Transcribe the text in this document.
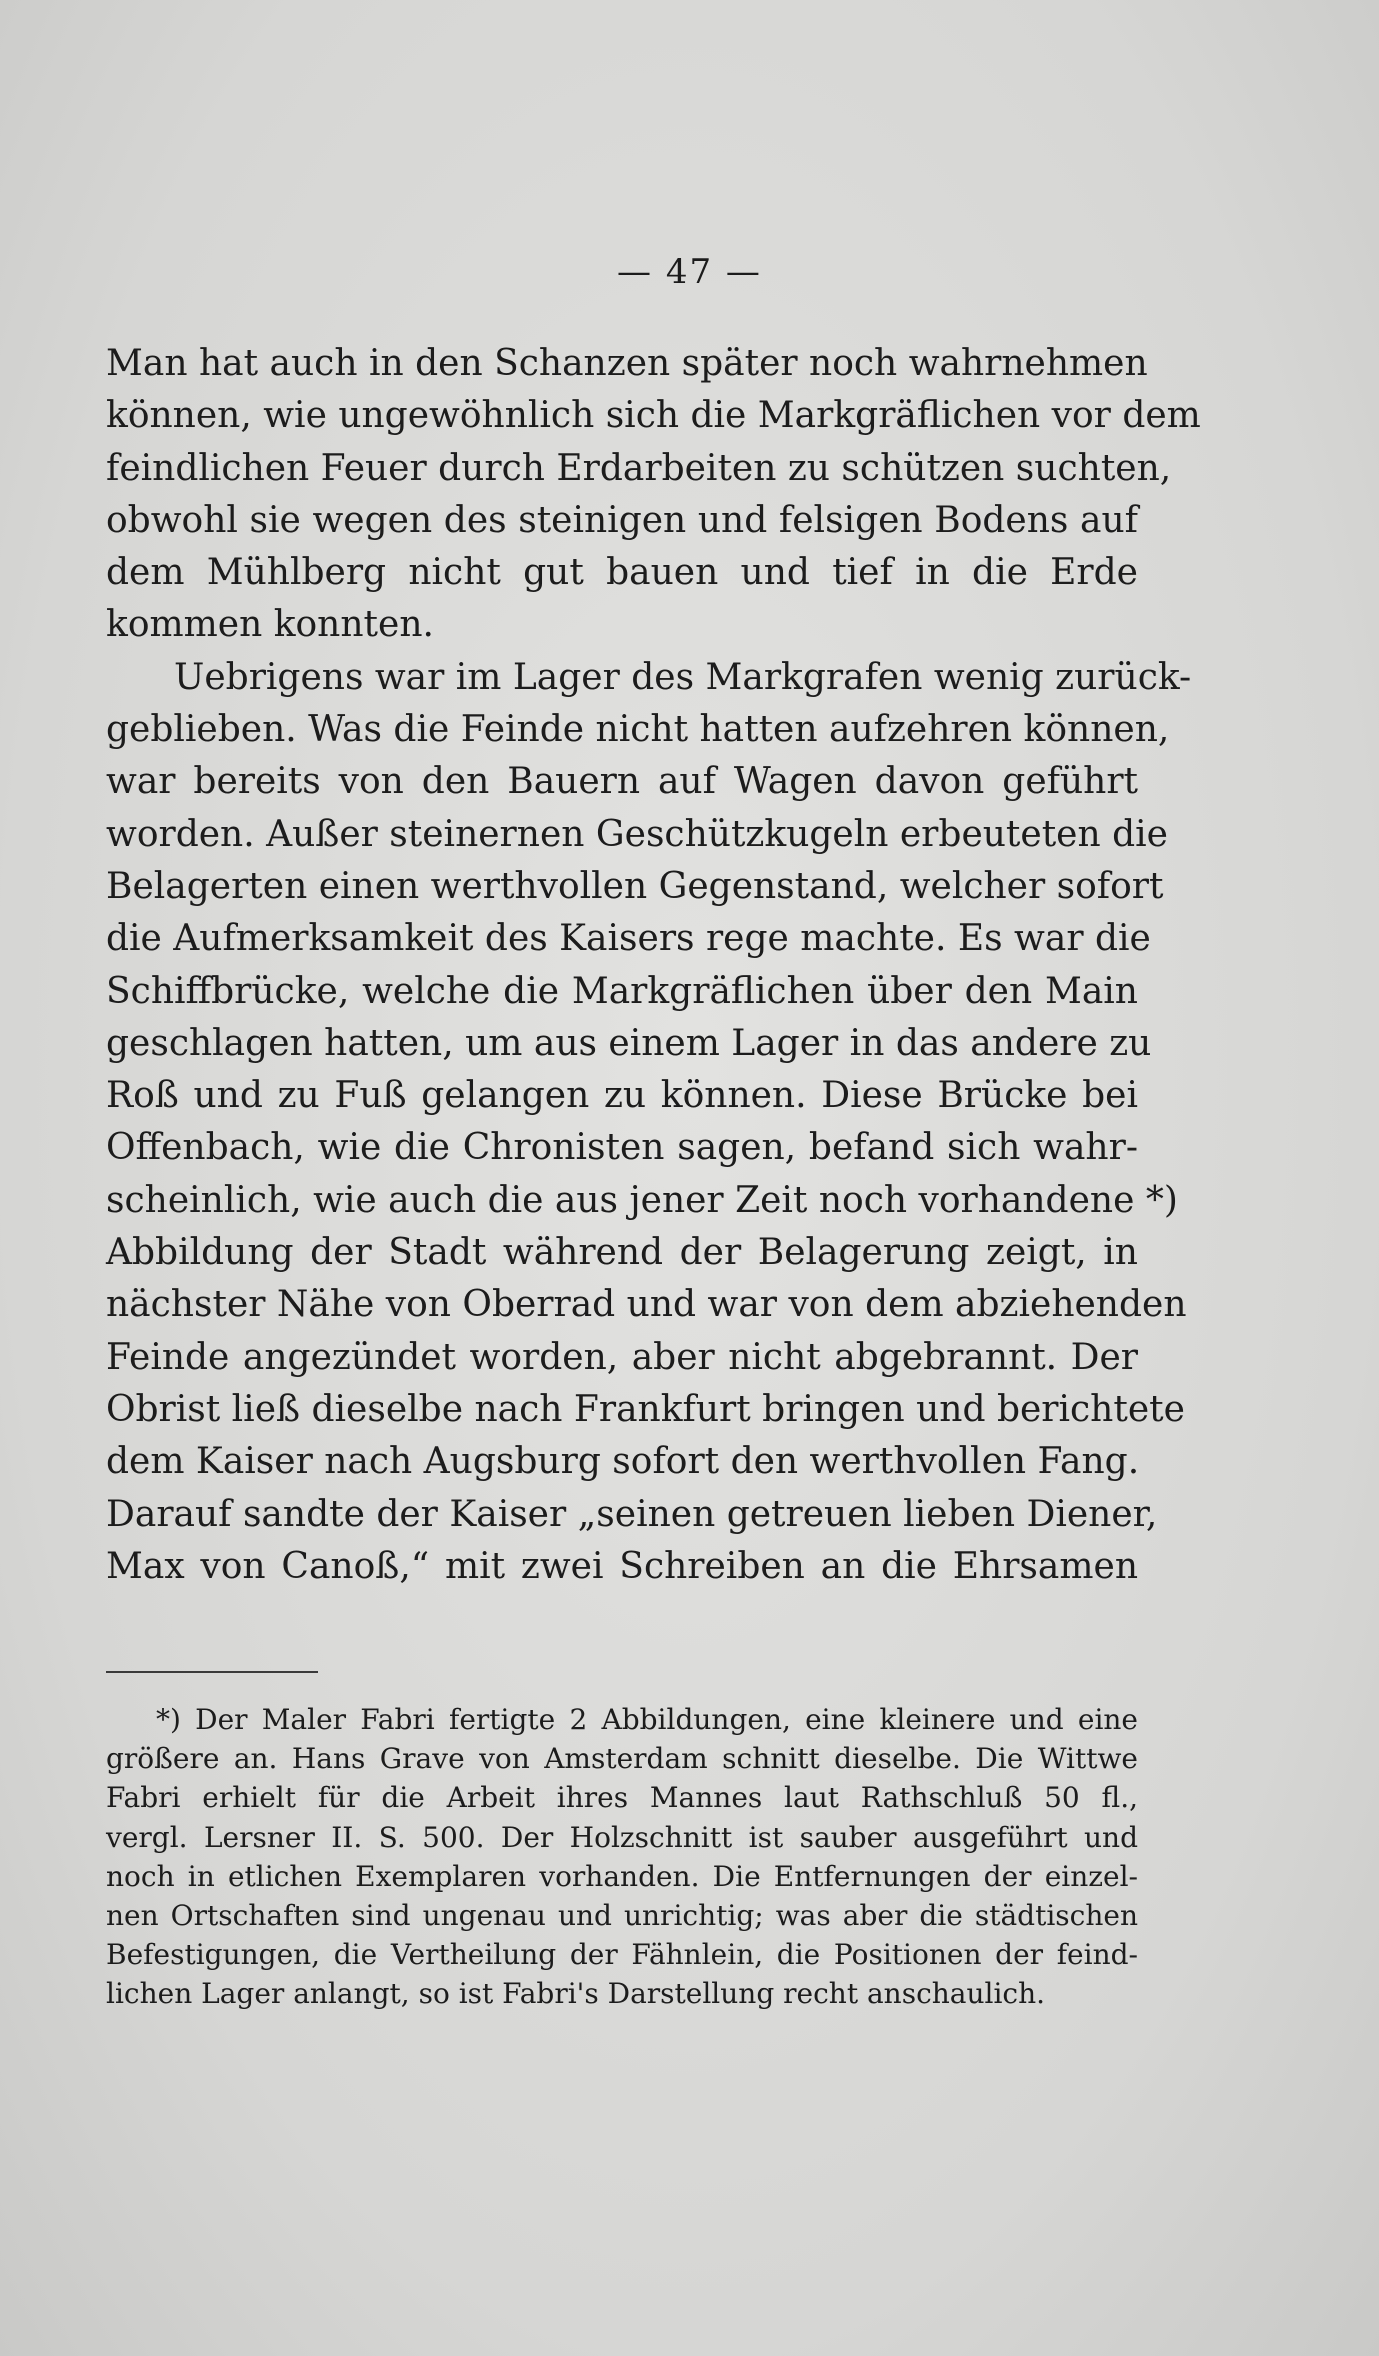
— 47 —
Man hat auch in den Schanzen später noch wahrnehmen
können, wie ungewöhnlich sich die Markgräflichen vor dem
feindlichen Feuer durch Erdarbeiten zu schützen suchten,
obwohl sie wegen des steinigen und felsigen Bodens auf
dem Mühlberg nicht gut bauen und tief in die Erde
kommen konnten.
Uebrigens war im Lager des Markgrafen wenig zurück-
geblieben. Was die Feinde nicht hatten aufzehren können,
war bereits von den Bauern auf Wagen davon geführt
worden. Außer steinernen Geschützkugeln erbeuteten die
Belagerten einen werthvollen Gegenstand, welcher sofort
die Aufmerksamkeit des Kaisers rege machte. Es war die
Schiffbrücke, welche die Markgräflichen über den Main
geschlagen hatten, um aus einem Lager in das andere zu
Roß und zu Fuß gelangen zu können. Diese Brücke bei
Offenbach, wie die Chronisten sagen, befand sich wahr-
scheinlich, wie auch die aus jener Zeit noch vorhandene *)
Abbildung der Stadt während der Belagerung zeigt, in
nächster Nähe von Oberrad und war von dem abziehenden
Feinde angezündet worden, aber nicht abgebrannt. Der
Obrist ließ dieselbe nach Frankfurt bringen und berichtete
dem Kaiser nach Augsburg sofort den werthvollen Fang.
Darauf sandte der Kaiser „seinen getreuen lieben Diener,
Max von Canoß,“ mit zwei Schreiben an die Ehrsamen
*) Der Maler Fabri fertigte 2 Abbildungen, eine kleinere und eine
größere an. Hans Grave von Amsterdam schnitt dieselbe. Die Wittwe
Fabri erhielt für die Arbeit ihres Mannes laut Rathschluß 50 fl.,
vergl. Lersner II. S. 500. Der Holzschnitt ist sauber ausgeführt und
noch in etlichen Exemplaren vorhanden. Die Entfernungen der einzel-
nen Ortschaften sind ungenau und unrichtig; was aber die städtischen
Befestigungen, die Vertheilung der Fähnlein, die Positionen der feind-
lichen Lager anlangt, so ist Fabri's Darstellung recht anschaulich.
